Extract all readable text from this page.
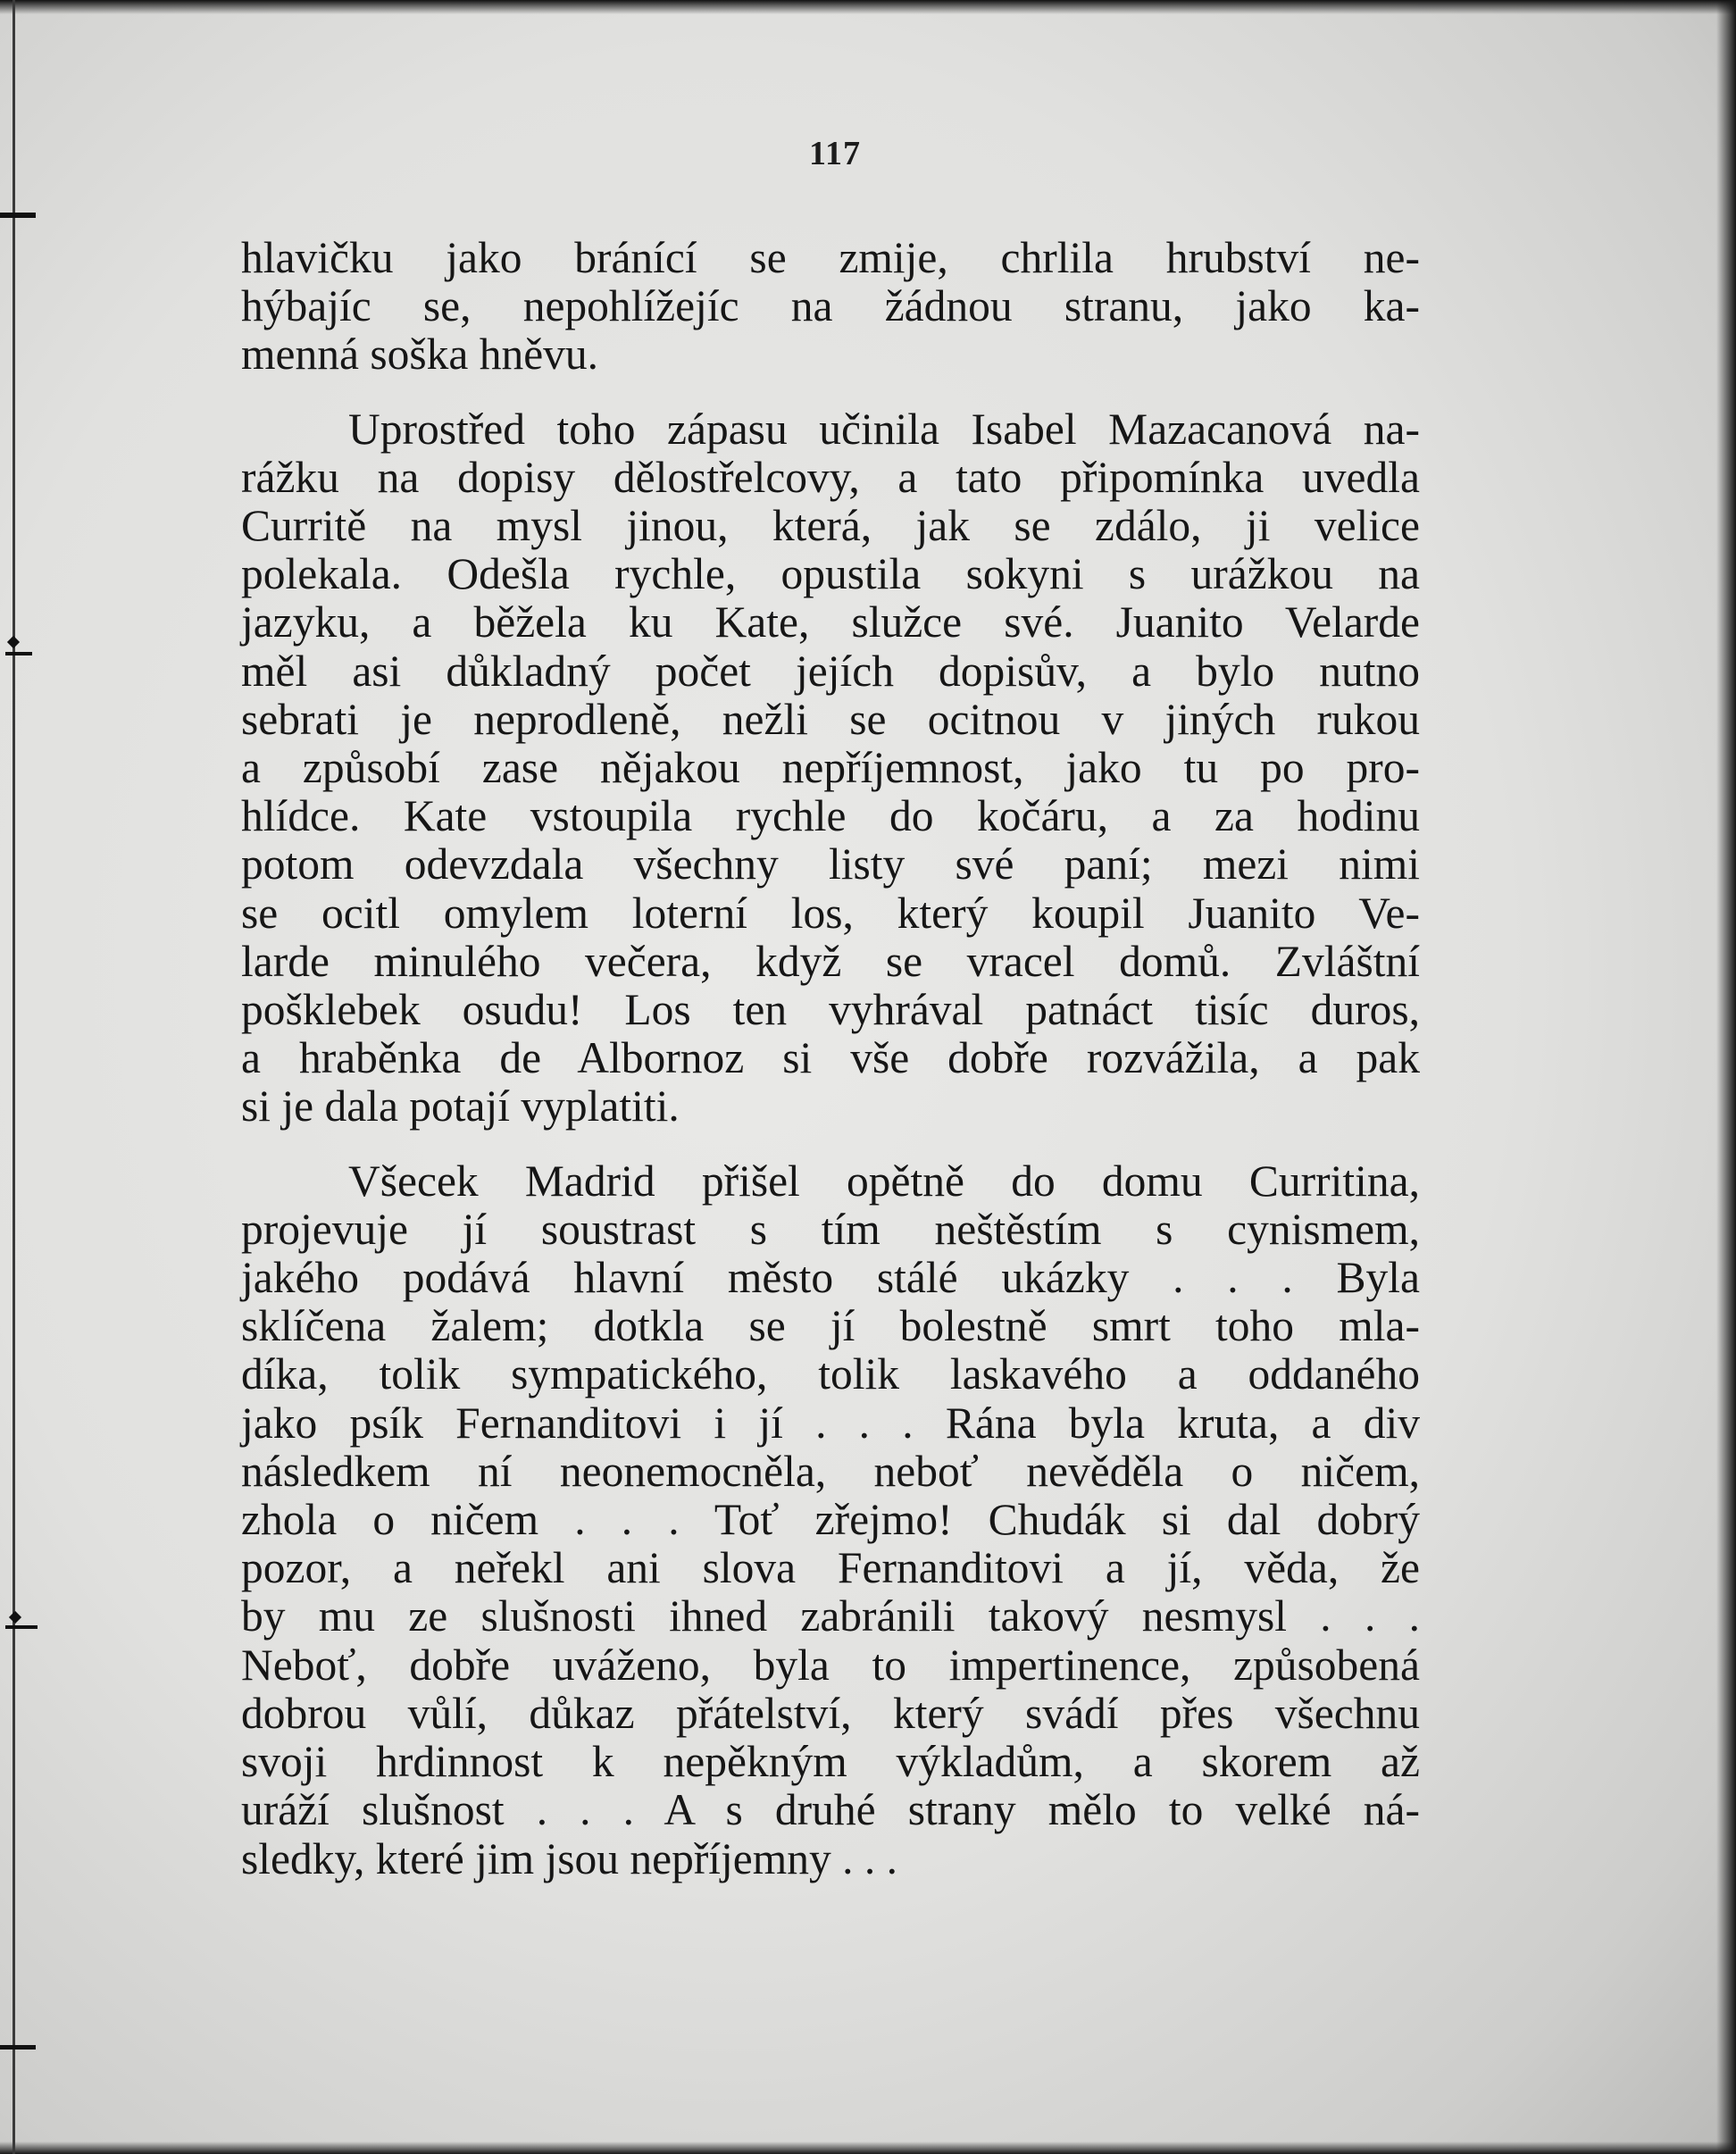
117

hlavičku jako bránící se zmije, chrlila hrubství ne-
hýbajíc se, nepohlížejíc na žádnou stranu, jako ka-
menná soška hněvu.

Uprostřed toho zápasu učinila Isabel Mazacanová na-
rážku na dopisy dělostřelcovy, a tato připomínka uvedla
Curritě na mysl jinou, která, jak se zdálo, ji velice
polekala. Odešla rychle, opustila sokyni s urážkou na
jazyku, a běžela ku Kate, služce své. Juanito Velarde
měl asi důkladný počet jejích dopisův, a bylo nutno
sebrati je neprodleně, nežli se ocitnou v jiných rukou
a způsobí zase nějakou nepříjemnost, jako tu po pro-
hlídce. Kate vstoupila rychle do kočáru, a za hodinu
potom odevzdala všechny listy své paní; mezi nimi
se ocitl omylem loterní los, který koupil Juanito Ve-
larde minulého večera, když se vracel domů. Zvláštní
pošklebek osudu! Los ten vyhrával patnáct tisíc duros,
a hraběnka de Albornoz si vše dobře rozvážila, a pak
si je dala potají vyplatiti.

Všecek Madrid přišel opětně do domu Curritina,
projevuje jí soustrast s tím neštěstím s cynismem,
jakého podává hlavní město stálé ukázky . . . Byla
sklíčena žalem; dotkla se jí bolestně smrt toho mla-
díka, tolik sympatického, tolik laskavého a oddaného
jako psík Fernanditovi i jí . . . Rána byla kruta, a div
následkem ní neonemocněla, neboť nevěděla o ničem,
zhola o ničem . . . Toť zřejmo! Chudák si dal dobrý
pozor, a neřekl ani slova Fernanditovi a jí, věda, že
by mu ze slušnosti ihned zabránili takový nesmysl . . .
Neboť, dobře uváženo, byla to impertinence, způsobená
dobrou vůlí, důkaz přátelství, který svádí přes všechnu
svoji hrdinnost k nepěkným výkladům, a skorem až
uráží slušnost . . . A s druhé strany mělo to velké ná-
sledky, které jim jsou nepříjemny . . .
